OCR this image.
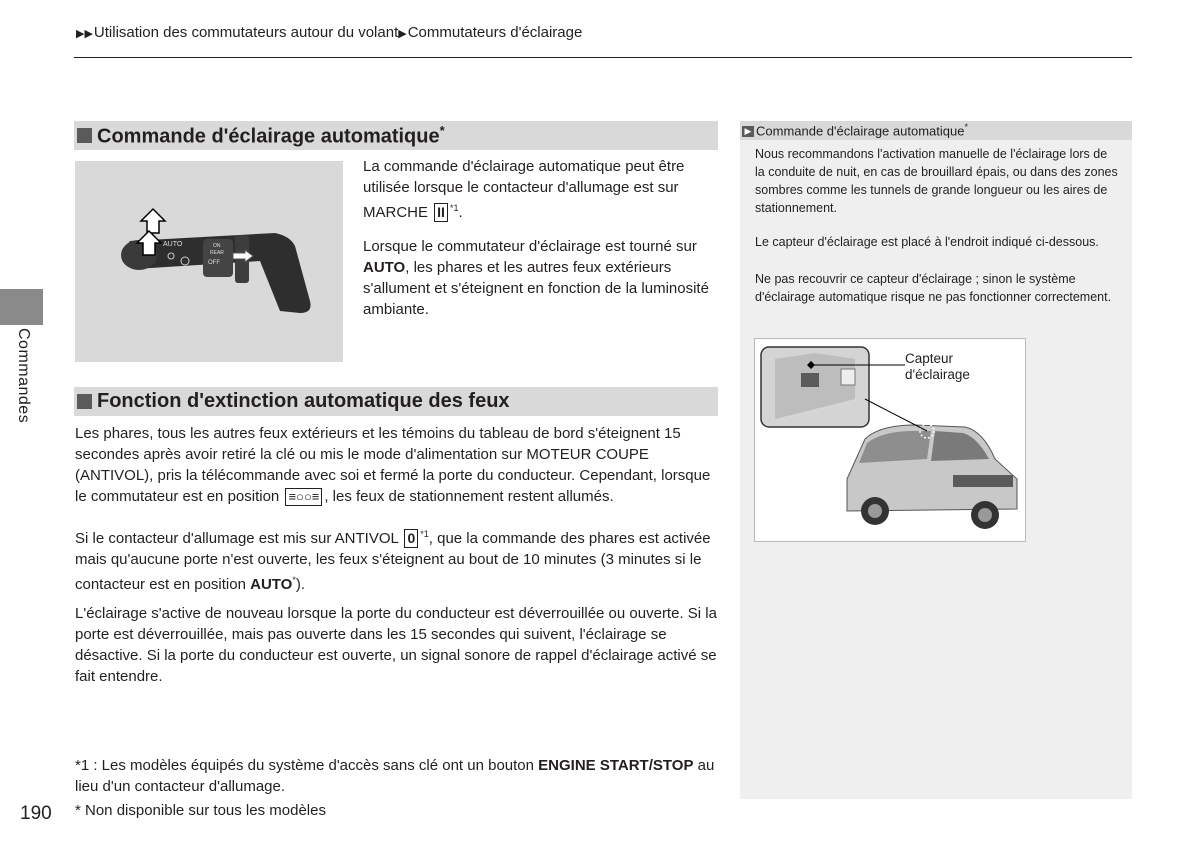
▶▶Utilisation des commutateurs autour du volant▶Commutateurs d'éclairage
Commandes
Commande d'éclairage automatique*
AUTO
REAR
OFF
ON
HI
La commande d'éclairage automatique peut être utilisée lorsque le contacteur d'allumage est sur MARCHE II $^{*1}$.
Lorsque le commutateur d'éclairage est tourné sur AUTO, les phares et les autres feux extérieurs s'allument et s'éteignent en fonction de la luminosité ambiante.
Fonction d'extinction automatique des feux
Les phares, tous les autres feux extérieurs et les témoins du tableau de bord s'éteignent 15 secondes après avoir retiré la clé ou mis le mode d'alimentation sur MOTEUR COUPE (ANTIVOL), pris la télécommande avec soi et fermé la porte du conducteur. Cependant, lorsque le commutateur est en position ≡○○≡ , les feux de stationnement restent allumés.
Si le contacteur d'allumage est mis sur ANTIVOL 0 $^{*1}$, que la commande des phares est activée mais qu'aucune porte n'est ouverte, les feux s'éteignent au bout de 10 minutes (3 minutes si le contacteur est en position AUTO*).
L'éclairage s'active de nouveau lorsque la porte du conducteur est déverrouillée ou ouverte. Si la porte est déverrouillée, mais pas ouverte dans les 15 secondes qui suivent, l'éclairage se désactive. Si la porte du conducteur est ouverte, un signal sonore de rappel d'éclairage activé se fait entendre.
*1 : Les modèles équipés du système d'accès sans clé ont un bouton ENGINE START/STOP au lieu d'un contacteur d'allumage.
* Non disponible sur tous les modèles
190
▶ Commande d'éclairage automatique*
Nous recommandons l'activation manuelle de l'éclairage lors de la conduite de nuit, en cas de brouillard épais, ou dans des zones sombres comme les tunnels de grande longueur ou les aires de stationnement.
Le capteur d'éclairage est placé à l'endroit indiqué ci-dessous.
Ne pas recouvrir ce capteur d'éclairage ; sinon le système d'éclairage automatique risque ne pas fonctionner correctement.
Capteur
d'éclairage
